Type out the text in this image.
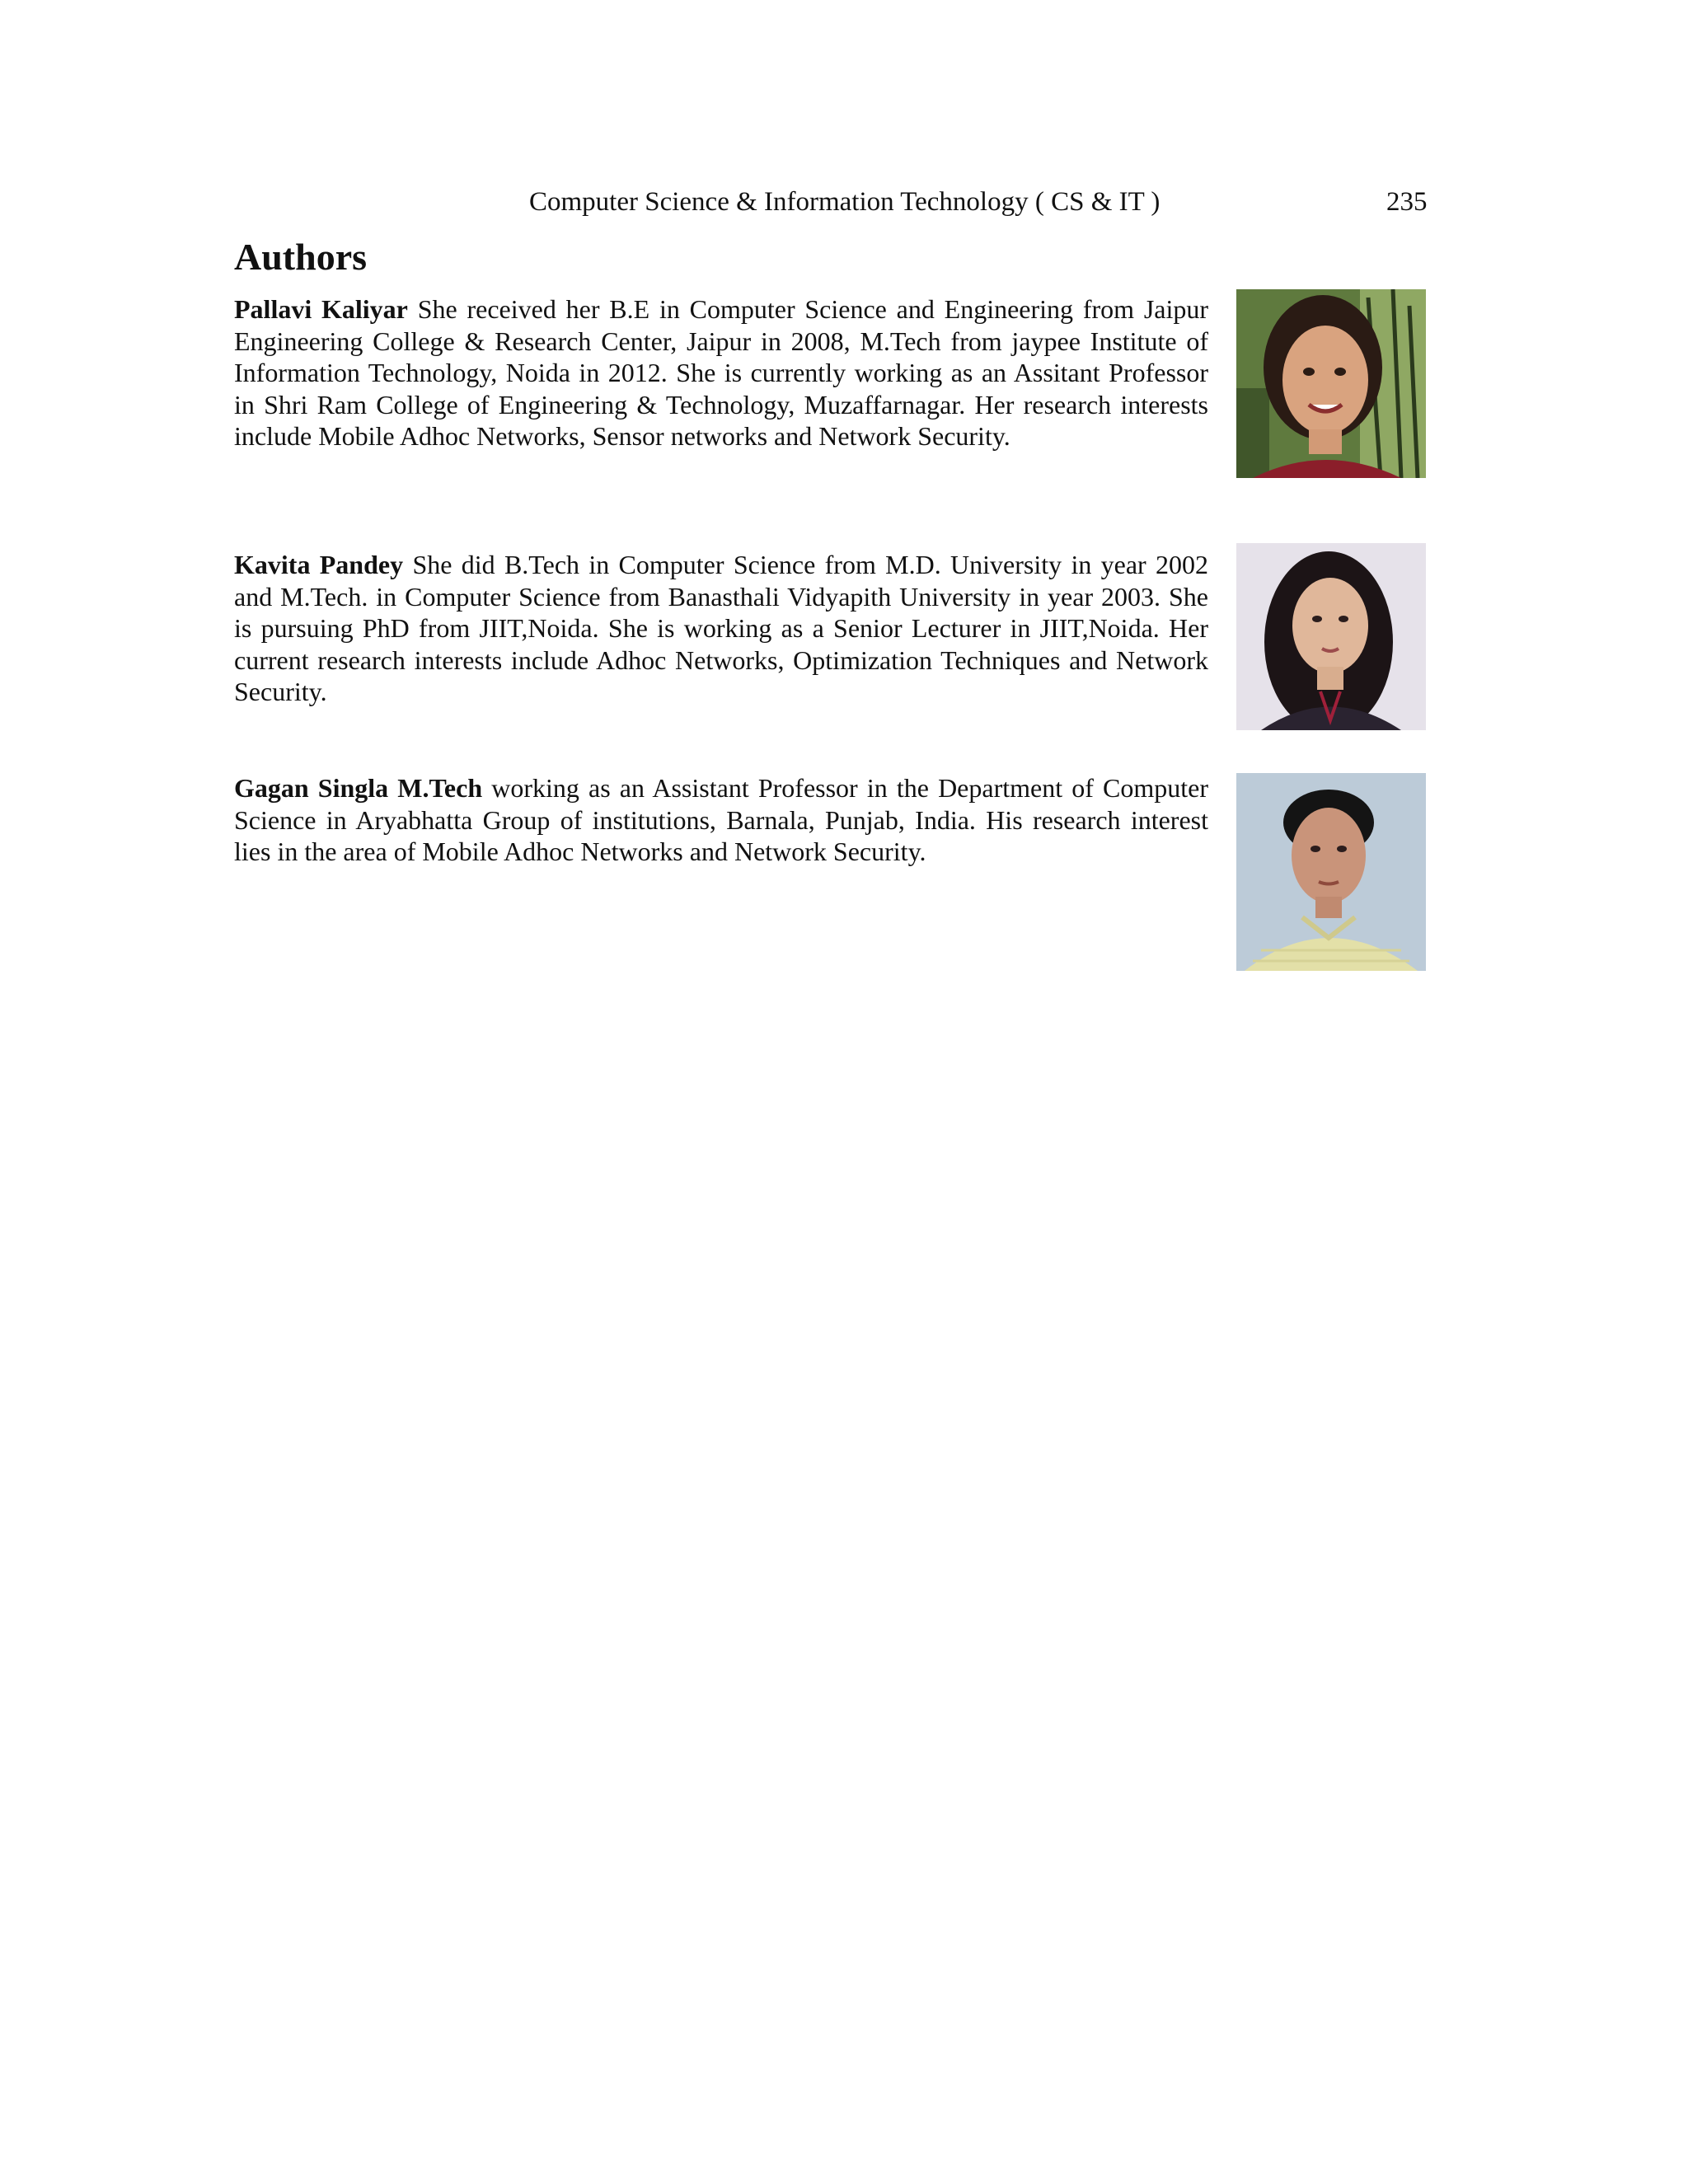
Computer Science & Information Technology ( CS & IT )	235
Authors

Pallavi Kaliyar She received her B.E in Computer Science and Engineering from Jaipur Engineering College & Research Center, Jaipur in 2008, M.Tech from jaypee Institute of Information Technology, Noida in 2012. She is currently working as an Assitant Professor in Shri Ram College of Engineering & Technology, Muzaffarnagar. Her research interests include Mobile Adhoc Networks, Sensor networks and Network Security.

Kavita Pandey She did B.Tech in Computer Science from M.D. University in year 2002 and M.Tech. in Computer Science from Banasthali Vidyapith University in year 2003. She is pursuing PhD from JIIT,Noida. She is working as a Senior Lecturer in JIIT,Noida. Her current research interests include Adhoc Networks, Optimization Techniques and Network Security.

Gagan Singla M.Tech working as an Assistant Professor in the Department of Computer Science in Aryabhatta Group of institutions, Barnala, Punjab, India. His research interest lies in the area of Mobile Adhoc Networks and Network Security.
